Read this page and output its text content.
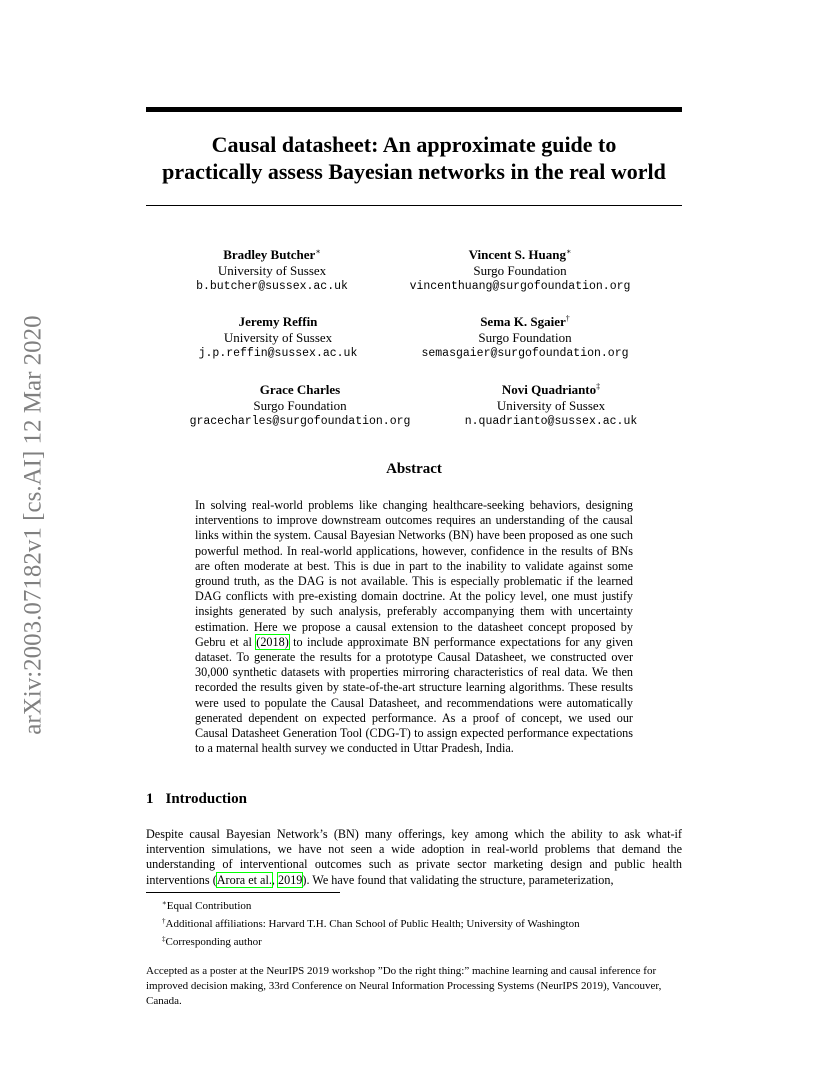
arXiv:2003.07182v1 [cs.AI] 12 Mar 2020
Causal datasheet: An approximate guide to
practically assess Bayesian networks in the real world
Bradley Butcher∗
University of Sussex
b.butcher@sussex.ac.uk
Vincent S. Huang∗
Surgo Foundation
vincenthuang@surgofoundation.org
Jeremy Reffin
University of Sussex
j.p.reffin@sussex.ac.uk
Sema K. Sgaier†
Surgo Foundation
semasgaier@surgofoundation.org
Grace Charles
Surgo Foundation
gracecharles@surgofoundation.org
Novi Quadrianto‡
University of Sussex
n.quadrianto@sussex.ac.uk
Abstract

In solving real-world problems like changing healthcare-seeking behaviors, designing interventions to improve downstream outcomes requires an understanding of the causal links within the system. Causal Bayesian Networks (BN) have been proposed as one such powerful method. In real-world applications, however, confidence in the results of BNs are often moderate at best. This is due in part to the inability to validate against some ground truth, as the DAG is not available. This is especially problematic if the learned DAG conflicts with pre-existing domain doctrine. At the policy level, one must justify insights generated by such analysis, preferably accompanying them with uncertainty estimation. Here we propose a causal extension to the datasheet concept proposed by Gebru et al (2018) to include approximate BN performance expectations for any given dataset. To generate the results for a prototype Causal Datasheet, we constructed over 30,000 synthetic datasets with properties mirroring characteristics of real data. We then recorded the results given by state-of-the-art structure learning algorithms. These results were used to populate the Causal Datasheet, and recommendations were automatically generated dependent on expected performance. As a proof of concept, we used our Causal Datasheet Generation Tool (CDG-T) to assign expected performance expectations to a maternal health survey we conducted in Uttar Pradesh, India.

1 Introduction

Despite causal Bayesian Network’s (BN) many offerings, key among which the ability to ask what-if intervention simulations, we have not seen a wide adoption in real-world problems that demand the understanding of interventional outcomes such as private sector marketing design and public health interventions (Arora et al., 2019). We have found that validating the structure, parameterization,

∗Equal Contribution
†Additional affiliations: Harvard T.H. Chan School of Public Health; University of Washington
‡Corresponding author

Accepted as a poster at the NeurIPS 2019 workshop ”Do the right thing:” machine learning and causal inference for improved decision making, 33rd Conference on Neural Information Processing Systems (NeurIPS 2019), Vancouver, Canada.
